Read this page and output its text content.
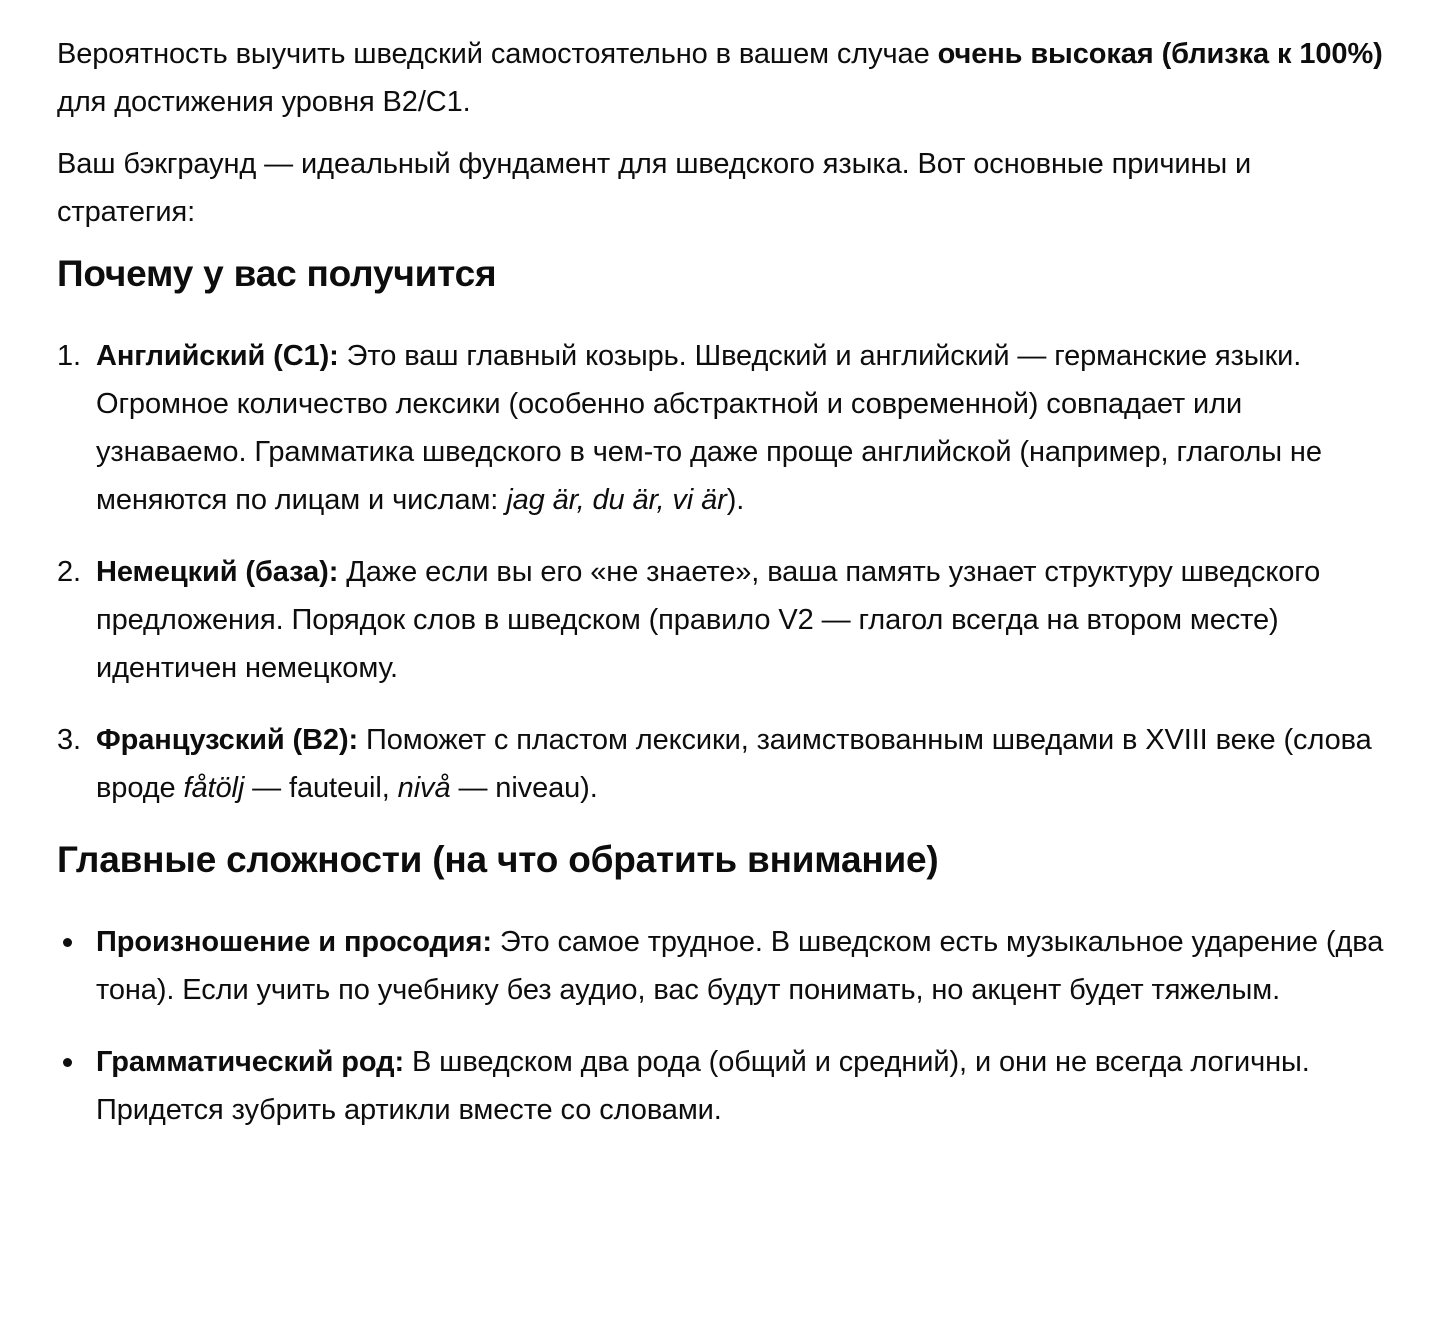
Вероятность выучить шведский самостоятельно в вашем случае очень высокая (близка к 100%) для достижения уровня B2/C1.

Ваш бэкграунд — идеальный фундамент для шведского языка. Вот основные причины и стратегия:

Почему у вас получится
1. Английский (C1): Это ваш главный козырь. Шведский и английский — германские языки. Огромное количество лексики (особенно абстрактной и современной) совпадает или узнаваемо. Грамматика шведского в чем-то даже проще английской (например, глаголы не меняются по лицам и числам: jag är, du är, vi är).
2. Немецкий (база): Даже если вы его «не знаете», ваша память узнает структуру шведского предложения. Порядок слов в шведском (правило V2 — глагол всегда на втором месте) идентичен немецкому.
3. Французский (B2): Поможет с пластом лексики, заимствованным шведами в XVIII веке (слова вроде fåtölj — fauteuil, nivå — niveau).
Главные сложности (на что обратить внимание)
Произношение и просодия: Это самое трудное. В шведском есть музыкальное ударение (два тона). Если учить по учебнику без аудио, вас будут понимать, но акцент будет тяжелым.
Грамматический род: В шведском два рода (общий и средний), и они не всегда логичны. Придется зубрить артикли вместе со словами.
